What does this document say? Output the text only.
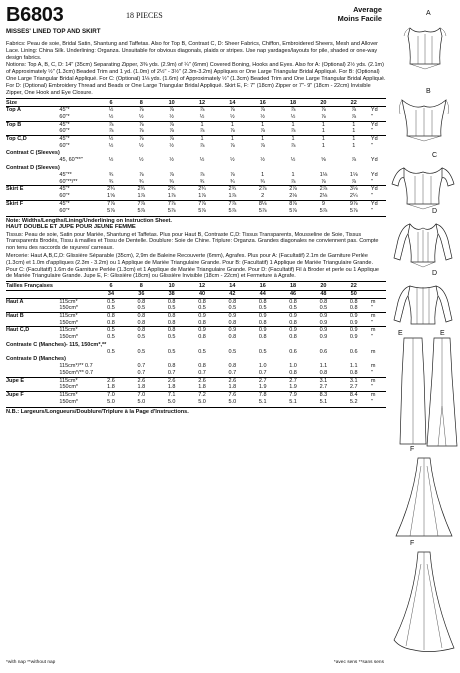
B6803	18 PIECES
Average
Moins Facile
MISSES' LINED TOP AND SKIRT

Fabrics: Peau de soie, Bridal Satin, Shantung and Taffetas. Also for Top B, Contrast C, D: Sheer Fabrics, Chiffon, Embroidered Sheers, Mesh and Allover Lace. Lining: China Silk. Underlining: Organza. Unsuitable for obvious diagonals, plaids or stripes. Use nap yardages/layouts for pile, shaded or one-way design fabrics.

Notions: Top A, B, C, D: 14" (35cm) Separating Zipper, 3⅜ yds. (2.9m) of ¼" (6mm) Covered Boning, Hooks and Eyes. Also for A: (Optional) 2½ yds. (2.1m) of Approximately ½" (1.3cm) Beaded Trim and 1 yd. (1.0m) of 2½" - 3½" (2.3m-3.2m) Appliques or One Large Triangular Bridal Appliqué. For B: (Optional) One Large Triangular Bridal Appliqué. For C: (Optional) 1⅛ yds. (1.6m) of Approximately ½" (1.3cm) Beaded Trim and One Large Triangular Bridal Appliqué. For D: (Optional) Embroidery Thread and Beads or One Large Triangular Bridal Appliqué. Skirt E, F: 7" (18cm) Zipper or 7"- 9" (18cm - 22cm) Invisible Zipper, One Hook and Eye Closure.

Size		6	8	10	12	14	16	18	20	22	
Top A	45"*	½	⅞	⅞	⅞	⅞	⅞	⅞	⅞	⅞	Yd
	60"*	½	½	½	½	½	½	½	⅞	⅞	"
Top B	45"*	⅞	⅞	⅞	1	1	1	1	1	1	Yd
	60"*	⅞	⅞	⅞	⅞	⅞	⅞	⅞	1	1	"
Top C,D	45"*	½	⅞	⅞	1	1	1	1	1	1	Yd
	60"*	½	½	½	⅞	⅞	⅞	⅞	1	1	"
Contrast C (Sleeves)											
	45, 60"**"	½	½	½	½	½	½	½	⅝	⅞	Yd
Contrast D (Sleeves)											
	45"**	¾	⅞	⅞	⅞	⅞	1	1	1⅛	1⅛	Yd
	60"**/**	¾	¾	¾	¾	¾	¾	⅞	⅞	⅞	"
Skirt E	45"*	2¾	2¾	2¾	2¾	2¾	2⅞	2⅞	2⅞	3⅛	Yd
	60"*	1⅝	1⅞	1⅞	1⅞	1⅞	2	2⅛	2⅛	2¼	"
Skirt F	45"*	7⅞	7⅞	7⅞	7⅞	7⅞	8⅛	8⅞	9	9⅞	Yd
	60"*	5⅞	5⅞	5⅞	5⅞	5⅞	5⅞	5⅞	5⅞	5⅞	"
Note: Widths/Lengths/Lining/Underlining on Instruction Sheet.
HAUT DOUBLE ET JUPE POUR JEUNE FEMME

Tissus: Peau de soie, Satin pour Mariée, Shantung et Taffetas. Plus pour Haut B, Contraste C,D: Tissus Transparents, Mousseline de Soie, Tissus Transparents Brodés, Tissu à mailles et Tissu de Dentelle. Doublure: Soie de Chine. Triplure: Organza. Grandes diagonales ne conviennent pas. Compte non tenu des raccords de rayures/ carreaux.

Mercerie: Haut A,B,C,D: Glissière Séparable (35cm), 2,9m de Baleine Recouverte (6mm), Agrafes. Plus pour A: (Facultatif) 2.1m de Garniture Perlée (1.3cm) et 1.0m d'appliques (2.3m - 3.2m) ou 1 Applique de Mariée Triangulaire Grande. Pour B: (Facultatif) 1 Applique de Mariée Triangulaire Grande. Pour C: (Facultatif) 1.6m de Garniture Perlée (1.3cm) et 1 Applique de Mariée Triangulaire Grande. Pour D: (Facultatif) Fil à Broder et perle ou 1 Applique de Mariée Triangulaire Grande. Jupe E, F: Glissière (18cm) ou Glissière Invisible (18cm - 22cm) et Fermeture à Agrafe.

Tailles Françaises		6	8	10	12	14	16	18	20	22	
		34	36	38	40	42	44	46	48	50	
Haut A	115cm*	0.5	0.8	0.8	0.8	0.8	0.8	0.8	0.8	0.8	m
	150cm*	0.5	0.5	0.5	0.5	0.5	0.5	0.5	0.5	0.8	"
Haut B	115cm*	0.8	0.8	0.8	0.9	0.9	0.9	0.9	0.9	0.9	m
	150cm*	0.8	0.8	0.8	0.8	0.8	0.8	0.8	0.9	0.9	"
Haut C,D	115cm*	0.5	0.8	0.8	0.9	0.9	0.9	0.9	0.9	0.9	m
	150cm*	0.5	0.5	0.5	0.8	0.8	0.8	0.8	0.9	0.9	"
Contraste C (Manches)- 115, 150cm*,**											
		0.5	0.5	0.5	0.5	0.5	0.5	0.6	0.6	0.6	m
Contraste D (Manches)											
	115cm*/** 0.7		0.7	0.8	0.8	0.8	1.0	1.0	1.1	1.1	m
	150cm*/** 0.7		0.7	0.7	0.7	0.7	0.7	0.8	0.8	0.8	"
Jupe E	115cm*	2.6	2.6	2.6	2.6	2.6	2.7	2.7	3.1	3.1	m
	150cm*	1.8	1.8	1.8	1.8	1.8	1.9	1.9	2.7	2.7	"
Jupe F	115cm*	7.0	7.0	7.1	7.2	7.6	7.8	7.9	8.3	8.4	m
	150cm*	5.0	5.0	5.0	5.0	5.0	5.1	5.1	5.1	5.2	"
N.B.: Largeurs/Longueurs/Doublure/Triplure à la Page d'Instructions.
*with nap **without nap	*avec sens **sans sens
A
B
C
D
D
E	E
F
F
